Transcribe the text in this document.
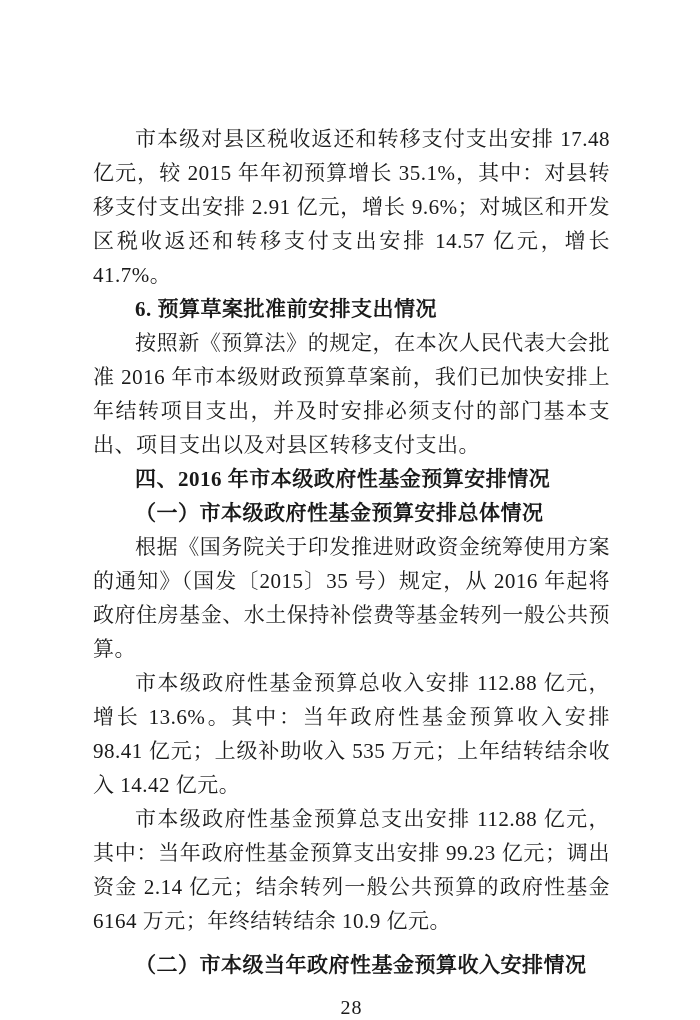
市本级对县区税收返还和转移支付支出安排 17.48 亿元，较 2015 年年初预算增长 35.1%，其中：对县转移支付支出安排 2.91 亿元，增长 9.6%；对城区和开发区税收返还和转移支付支出安排 14.57 亿元，增长 41.7%。

6. 预算草案批准前安排支出情况

按照新《预算法》的规定，在本次人民代表大会批准 2016 年市本级财政预算草案前，我们已加快安排上年结转项目支出，并及时安排必须支付的部门基本支出、项目支出以及对县区转移支付支出。

四、2016 年市本级政府性基金预算安排情况
（一）市本级政府性基金预算安排总体情况

根据《国务院关于印发推进财政资金统筹使用方案的通知》（国发〔2015〕35 号）规定，从 2016 年起将政府住房基金、水土保持补偿费等基金转列一般公共预算。

市本级政府性基金预算总收入安排 112.88 亿元，增长 13.6%。其中：当年政府性基金预算收入安排 98.41 亿元；上级补助收入 535 万元；上年结转结余收入 14.42 亿元。

市本级政府性基金预算总支出安排 112.88 亿元，其中：当年政府性基金预算支出安排 99.23 亿元；调出资金 2.14 亿元；结余转列一般公共预算的政府性基金 6164 万元；年终结转结余 10.9 亿元。

（二）市本级当年政府性基金预算收入安排情况
28
